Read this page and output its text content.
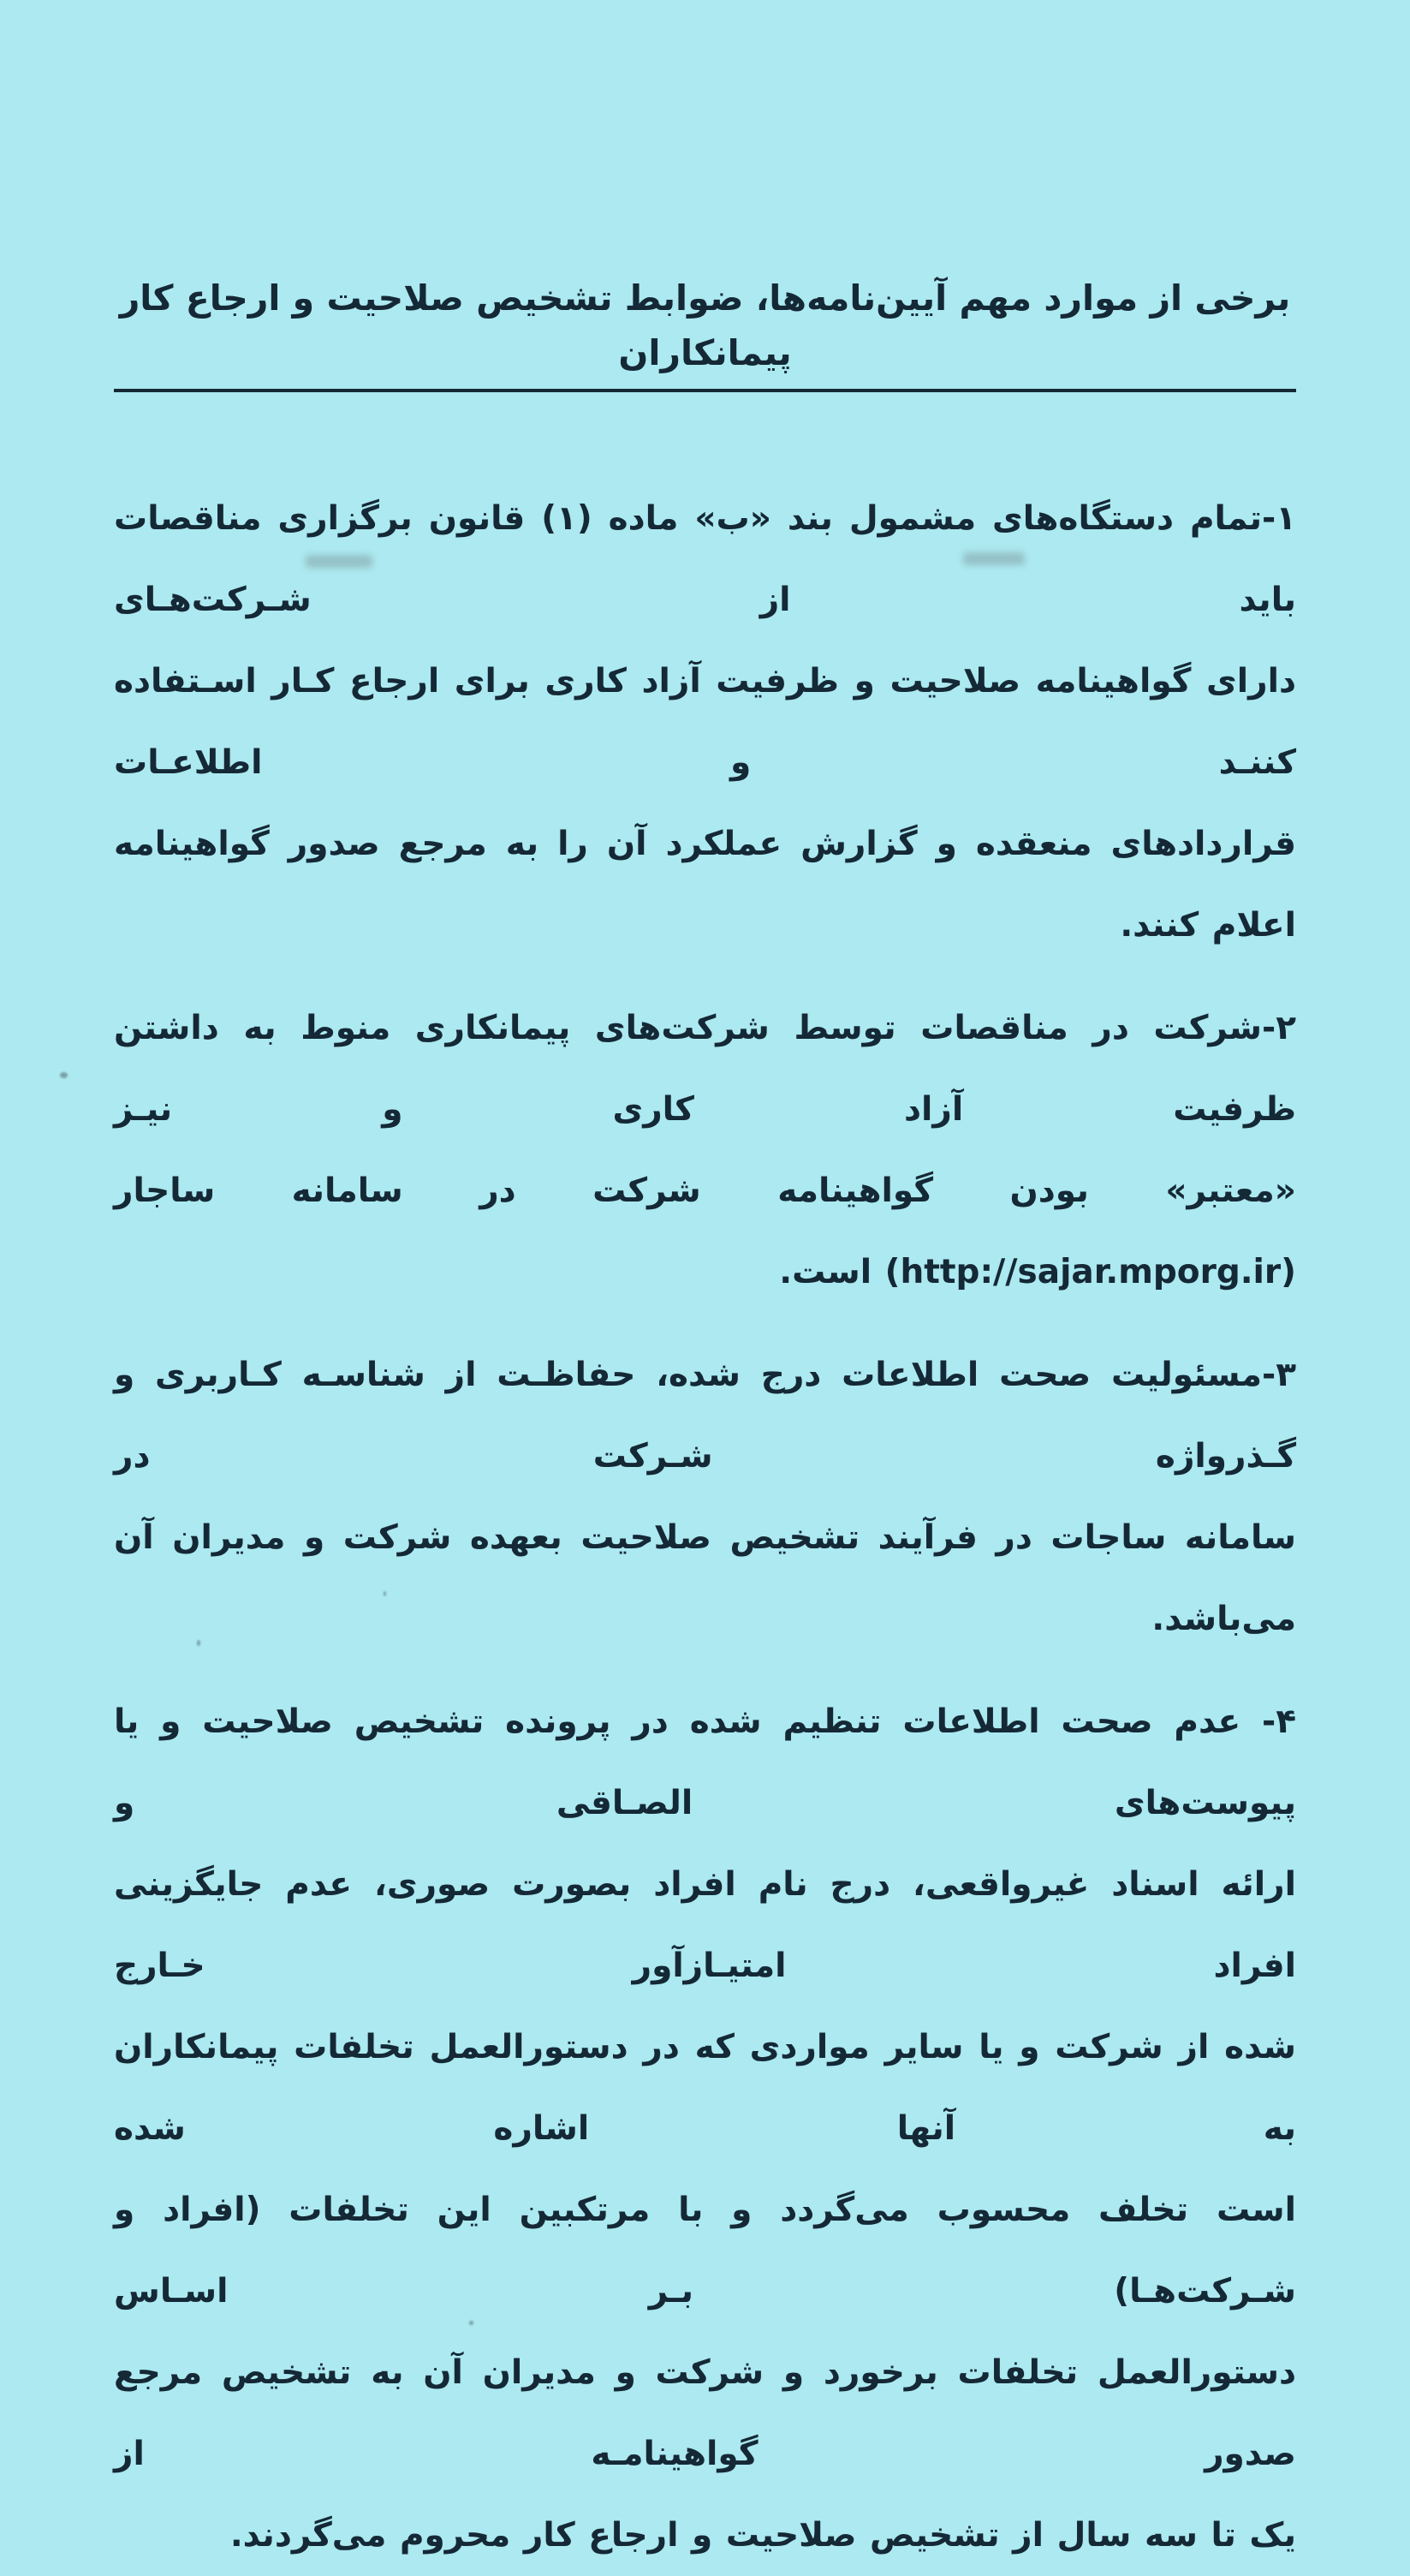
برخی از موارد مهم آیین‌نامه‌ها، ضوابط تشخیص صلاحیت و ارجاع کار پیمانکاران
۱-تمام دستگاه‌های مشمول بند «ب» ماده (۱) قانون برگزاری مناقصات باید از شـرکت‌هـای
دارای گواهینامه صلاحیت و ظرفیت آزاد کاری برای ارجاع کـار اسـتفاده کننـد و اطلاعـات
قراردادهای منعقده و گزارش عملکرد آن را به مرجع صدور گواهینامه اعلام کنند.
۲-شرکت در مناقصات توسط شرکت‌های پیمانکاری منوط به داشتن ظرفیت آزاد کاری و نیـز
«معتبر» بودن گواهینامه شرکت در سامانه ساجار (http://sajar.mporg.ir) است.
۳-مسئولیت صحت اطلاعات درج شده، حفاظـت از شناسـه کـاربری و گـذرواژه شـرکت در
سامانه ساجات در فرآیند تشخیص صلاحیت بعهده شرکت و مدیران آن می‌باشد.
۴- عدم صحت اطلاعات تنظیم شده در پرونده تشخیص صلاحیت و یا پیوست‌های الصـاقی و
ارائه اسناد غیرواقعی، درج نام افراد بصورت صوری، عدم جایگزینی افراد امتیـازآور خـارج
شده از شرکت و یا سایر مواردی که در دستورالعمل تخلفات پیمانکاران به آنها اشاره شده
است تخلف محسوب می‌گردد و با مرتکبین این تخلفات (افراد و شـرکت‌هـا) بـر اسـاس
دستورالعمل تخلفات برخورد و شرکت و مدیران آن به تشخیص مرجع صدور گواهینامـه از
یک تا سه سال از تشخیص صلاحیت و ارجاع کار محروم می‌گردند.
